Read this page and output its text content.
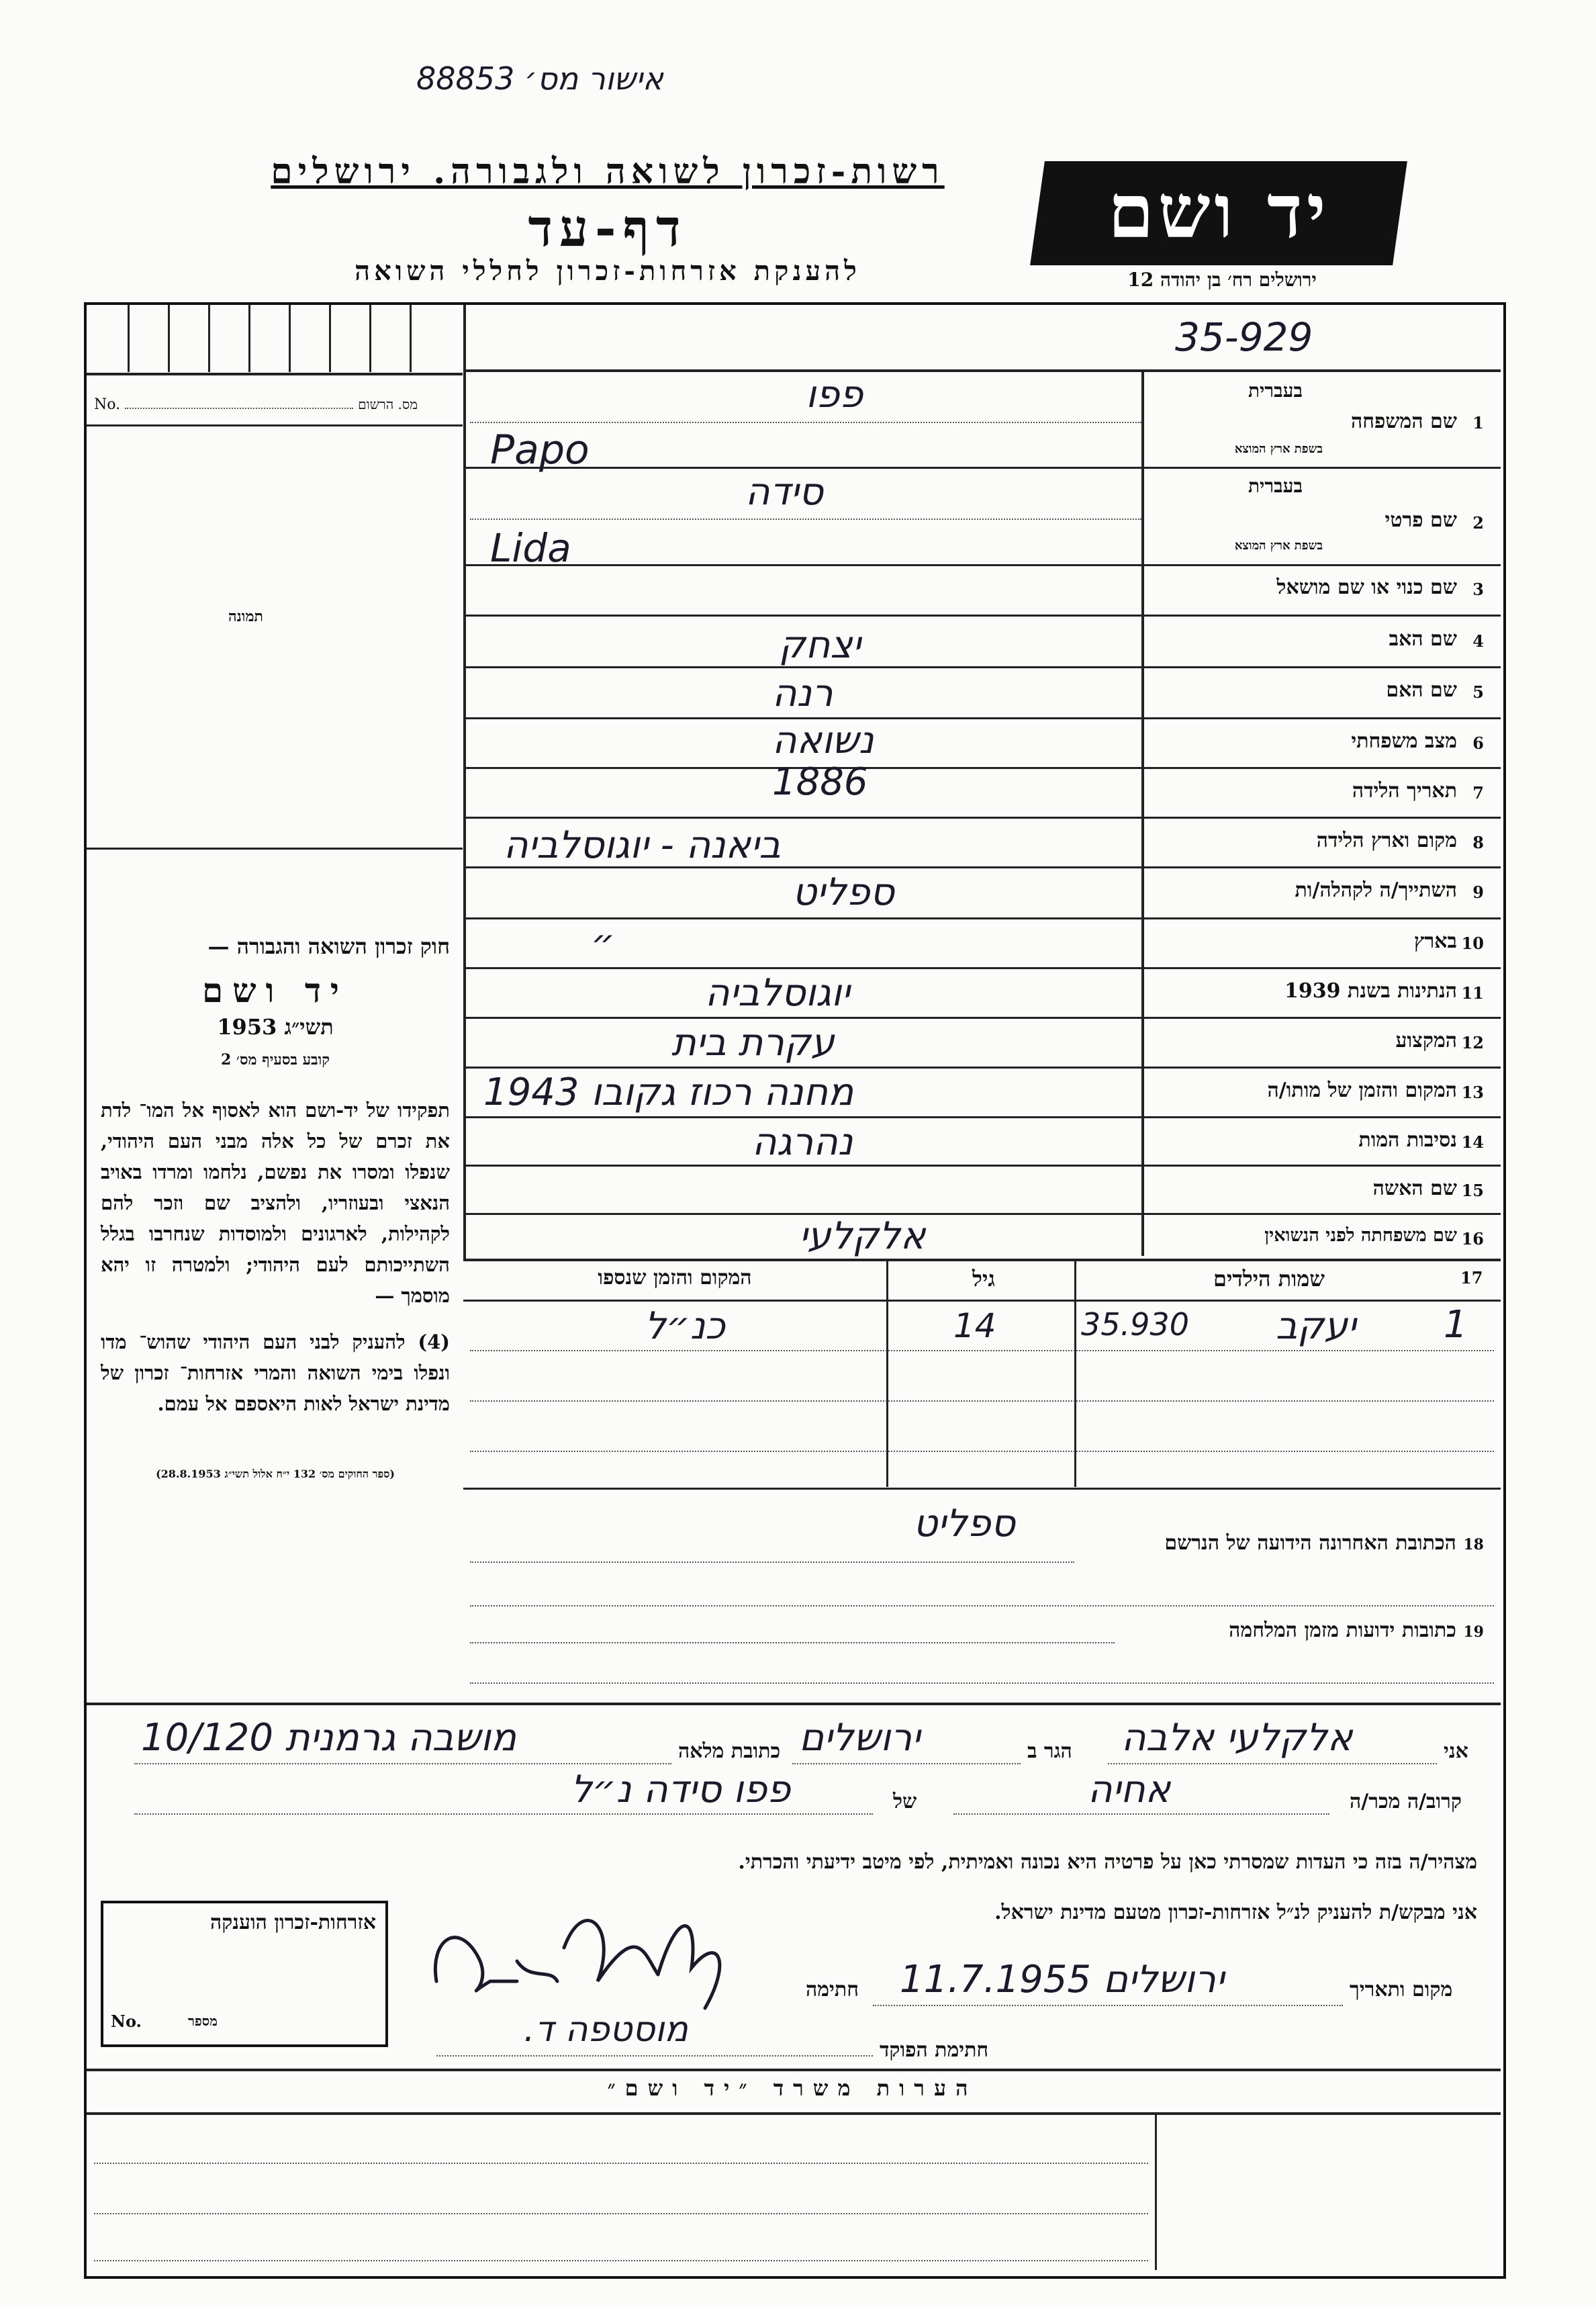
אישור מס׳ 88853
רשות-זכרון לשואה ולגבורה. ירושלים
דף-עד
להענקת אזרחות-זכרון לחללי השואה
יד ושם
ירושלים רח׳ בן יהודה 12
35-929
No.	מס. הרשום
תמונה
חוק זכרון השואה והגבורה —
יד ושם
תשי״ג 1953
קובע בסעיף מס׳ 2
תפקידו של יד-ושם הוא לאסוף אל המו־ לדת את זכרם של כל אלה מבני העם היהודי, שנפלו ומסרו את נפשם, נלחמו ומרדו באויב הנאצי ובעוזריו, ולהציב שם וזכר להם לקהילות, לארגונים ולמוסדות שנחרבו בגלל השתייכותם לעם היהודי; ולמטרה זו יהא מוסמך —
(4) להעניק לבני העם היהודי שהוש־ מדו ונפלו בימי השואה והמרי אזרחות־ זכרון של מדינת ישראל לאות היאספם אל עמם.
(ספר החוקים מס׳ 132 י״ח אלול תשי״ג 28.8.1953)
1
שם המשפחה
בעברית
בשפת ארץ המוצא
פפו
Papo
2
שם פרטי
בעברית
בשפת ארץ המוצא
סידה
Lida
3
שם כנוי או שם מושאל
4
שם האב
יצחק
5
שם האם
רנה
6
מצב משפחתי
נשואה
7
תאריך הלידה
1886
8
מקום וארץ הלידה
ביאנה - יוגוסלביה
9
השתייך/ה לקהלה/ות
ספליט
10
בארץ
״
11
הנתינות בשנת 1939
יוגוסלביה
12
המקצוע
עקרת בית
13
המקום והזמן של מותו/ה
מחנה רכוז גקובו 1943
14
נסיבות המות
נהרגה
15
שם האשה
16
שם משפחתה לפני הנשואין
אלקלעי
17
שמות הילדים
גיל
המקום והזמן שנספו
1
יעקב
35.930
14
כנ״ל
18 הכתובת האחרונה הידועה של הנרשם
ספליט
19 כתובות ידועות מזמן המלחמה
אני
אלקלעי אלבה
הגר ב
ירושלים
כתובת מלאה
מושבה גרמנית 10/120
קרוב/ה מכר/ה
אחיה
של
פפו סידה נ״ל
מצהיר/ה בזה כי העדות שמסרתי כאן על פרטיה היא נכונה ואמיתית, לפי מיטב ידיעתי והכרתי.
אני מבקש/ת להעניק לנ״ל אזרחות-זכרון מטעם מדינת ישראל.
מקום ותאריך
ירושלים 11.7.1955
חתימה
חתימת הפוקד
מוסטפה ד.
אזרחות-זכרון הוענקה
No.	מספר
הערות משרד ״יד ושם״
